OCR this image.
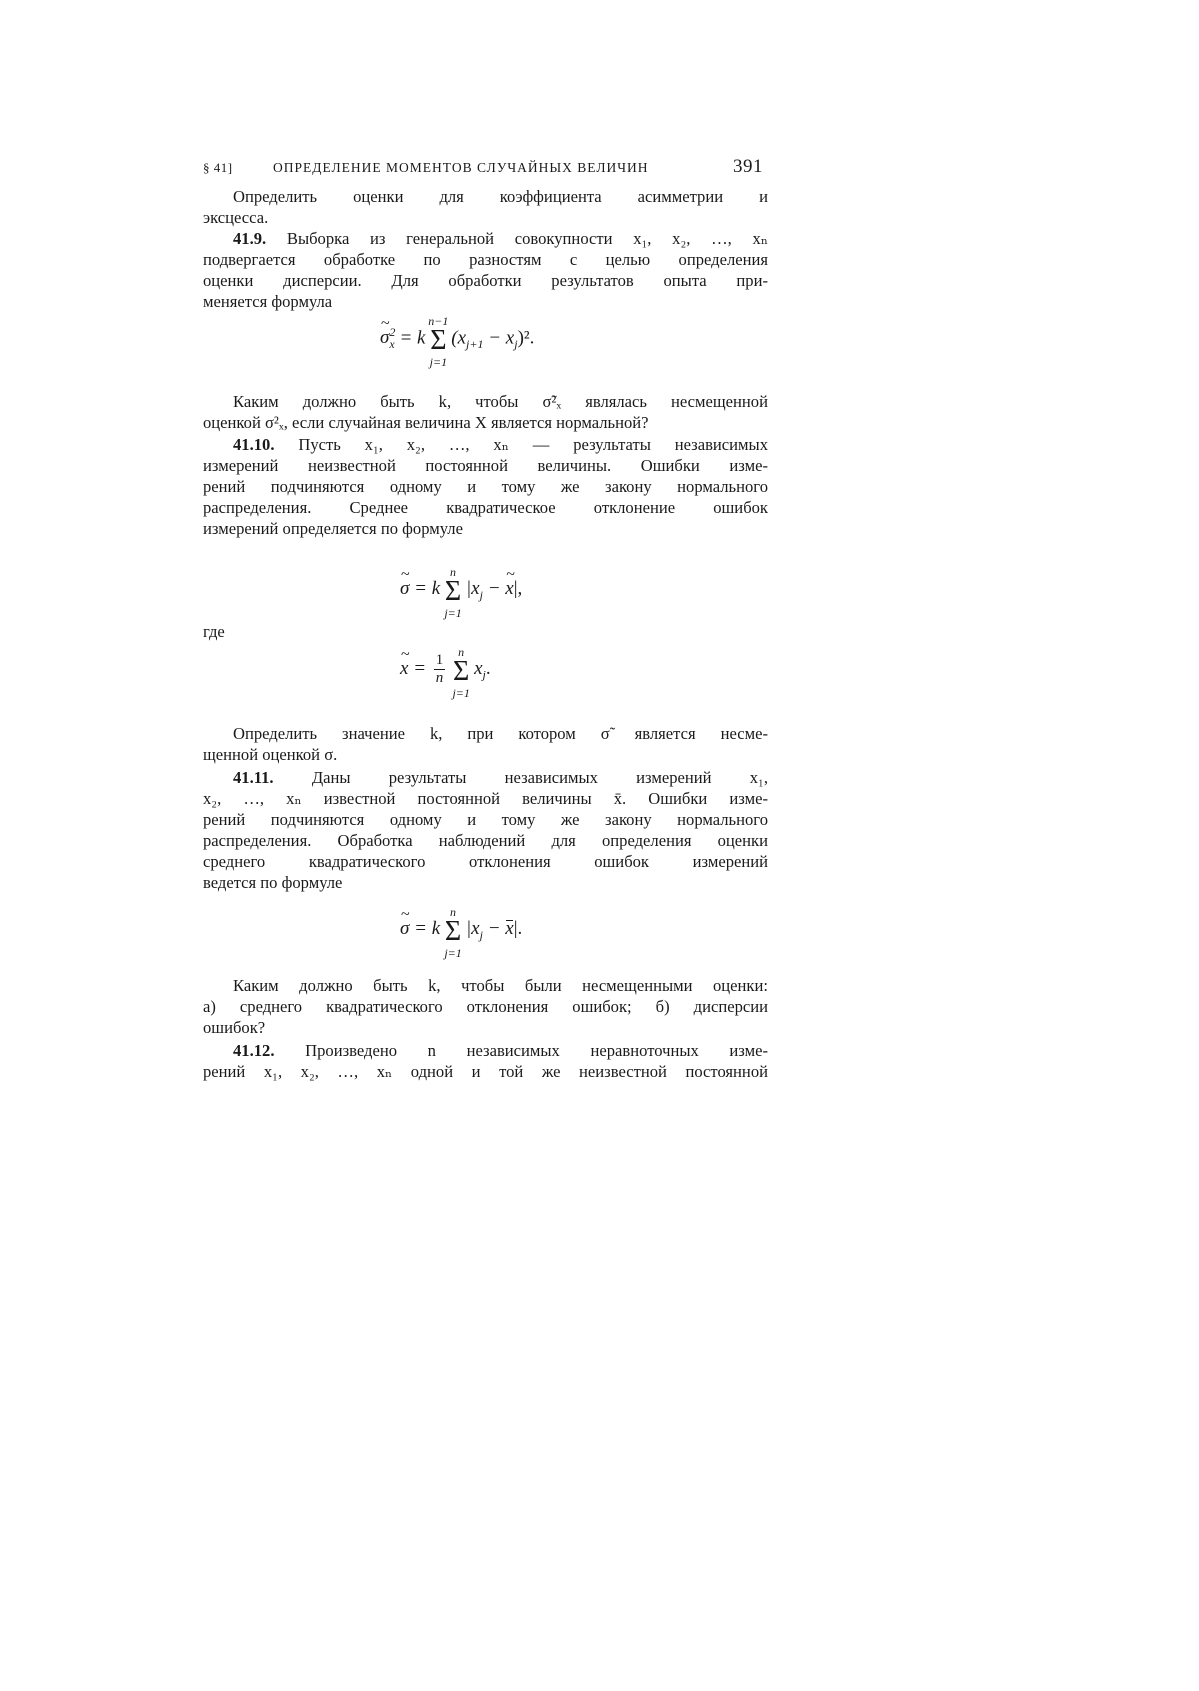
§ 41]	ОПРЕДЕЛЕНИЕ МОМЕНТОВ СЛУЧАЙНЫХ ВЕЛИЧИН	391
Определить оценки для коэффициента асимметрии и
эксцесса.
41.9. Выборка из генеральной совокупности x₁, x₂, …, xₙ
подвергается обработке по разностям с целью определения
оценки дисперсии. Для обработки результатов опыта при-
меняется формула
~ $\sigma^2_x = k$ Σ
n−1
j=1
$(x_{j+1} - x_j)^2$.
Каким должно быть k, чтобы σ̃²ₓ являлась несмещенной
оценкой σ²ₓ, если случайная величина X является нормальной?
41.10. Пусть x₁, x₂, …, xₙ — результаты независимых
измерений неизвестной постоянной величины. Ошибки изме-
рений подчиняются одному и тому же закону нормального
распределения. Среднее квадратическое отклонение ошибок
измерений определяется по формуле
~ σ = k Σ
n
j=1
$|x_j$ − ~ x|,
где
~ $x = \frac{1}{n}$ Σ
n
j=1
$x_j$.
Определить значение k, при котором σ̃ является несме-
щенной оценкой σ.
41.11. Даны результаты независимых измерений x₁,
x₂, …, xₙ известной постоянной величины x̄. Ошибки изме-
рений подчиняются одному и тому же закону нормального
распределения. Обработка наблюдений для определения оценки
среднего квадратического отклонения ошибок измерений
ведется по формуле
~ σ = k Σ
n
j=1
$|x_j - x|$.
Каким должно быть k, чтобы были несмещенными оценки:
а) среднего квадратического отклонения ошибок; б) дисперсии
ошибок?
41.12. Произведено n независимых неравноточных изме-
рений x₁, x₂, …, xₙ одной и той же неизвестной постоянной
